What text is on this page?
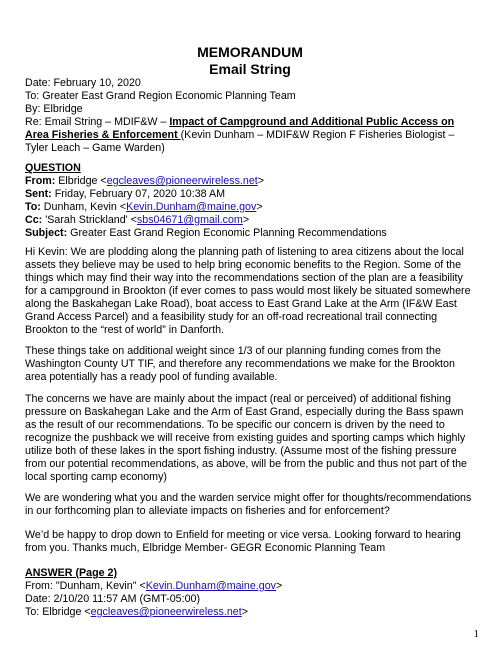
MEMORANDUM
Email String
Date: February 10, 2020
To: Greater East Grand Region Economic Planning Team
By: Elbridge
Re: Email String – MDIF&W – Impact of Campground and Additional Public Access on
Area Fisheries & Enforcement (Kevin Dunham – MDIF&W Region F Fisheries Biologist –
Tyler Leach – Game Warden)
QUESTION
From: Elbridge <egcleaves@pioneerwireless.net>
Sent: Friday, February 07, 2020 10:38 AM
To: Dunham, Kevin <Kevin.Dunham@maine.gov>
Cc: 'Sarah Strickland' <sbs04671@gmail.com>
Subject: Greater East Grand Region Economic Planning Recommendations
Hi Kevin: We are plodding along the planning path of listening to area citizens about the local
assets they believe may be used to help bring economic benefits to the Region. Some of the
things which may find their way into the recommendations section of the plan are a feasibility
for a campground in Brookton (if ever comes to pass would most likely be situated somewhere
along the Baskahegan Lake Road), boat access to East Grand Lake at the Arm (IF&W East
Grand Access Parcel) and a feasibility study for an off-road recreational trail connecting
Brookton to the “rest of world” in Danforth.
These things take on additional weight since 1/3 of our planning funding comes from the
Washington County UT TIF, and therefore any recommendations we make for the Brookton
area potentially has a ready pool of funding available.
The concerns we have are mainly about the impact (real or perceived) of additional fishing
pressure on Baskahegan Lake and the Arm of East Grand, especially during the Bass spawn
as the result of our recommendations. To be specific our concern is driven by the need to
recognize the pushback we will receive from existing guides and sporting camps which highly
utilize both of these lakes in the sport fishing industry. (Assume most of the fishing pressure
from our potential recommendations, as above, will be from the public and thus not part of the
local sporting camp economy)
We are wondering what you and the warden service might offer for thoughts/recommendations
in our forthcoming plan to alleviate impacts on fisheries and for enforcement?
We’d be happy to drop down to Enfield for meeting or vice versa. Looking forward to hearing
from you. Thanks much, Elbridge Member- GEGR Economic Planning Team
ANSWER (Page 2)
From: "Dunham, Kevin" <Kevin.Dunham@maine.gov>
Date: 2/10/20 11:57 AM (GMT-05:00)
To: Elbridge <egcleaves@pioneerwireless.net>
1
